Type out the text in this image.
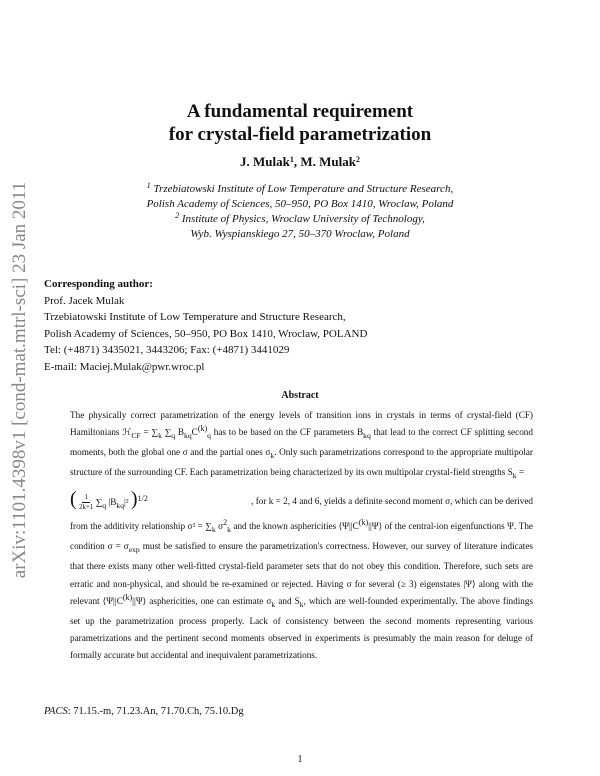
arXiv:1101.4398v1 [cond-mat.mtrl-sci] 23 Jan 2011
A fundamental requirement
for crystal-field parametrization
J. Mulak$^1$, M. Mulak$^2$
$^1$ Trzebiatowski Institute of Low Temperature and Structure Research,
Polish Academy of Sciences, 50–950, PO Box 1410, Wroclaw, Poland
$^2$ Institute of Physics, Wroclaw University of Technology,
Wyb. Wyspianskiego 27, 50–370 Wroclaw, Poland
Corresponding author:
Prof. Jacek Mulak
Trzebiatowski Institute of Low Temperature and Structure Research,
Polish Academy of Sciences, 50–950, PO Box 1410, Wroclaw, POLAND
Tel: (+4871) 3435021, 3443206; Fax: (+4871) 3441029
E-mail: Maciej.Mulak@pwr.wroc.pl
Abstract
The physically correct parametrization of the energy levels of transition ions in crystals in terms of crystal-field (CF) Hamiltonians ℋ$_{CF}$ = $\sum_k$ $\sum_q$ $B_{kq}C^{(k)}_q$ has to be based on the CF parameters $B_{kq}$ that lead to the correct CF splitting second moments, both the global one σ and the partial ones $\sigma_k$. Only such parametrizations correspond to the appropriate multipolar structure of the surrounding CF. Each parametrization being characterized by its own multipolar crystal-field strengths $S_k$ =
( $\frac{1}{2k+1} \sum_q$ $|B_{kq}|^2$ )$^{1/2}$	, for k = 2, 4 and 6, yields a definite second moment σ, which can be derived
from the additivity relationship $\sigma^2 = \sum_k$ $\sigma^2_k$ and the known asphericities $⟨\Psi||C^{(k)}||\Psi⟩$ of the central-ion eigenfunctions Ψ. The condition $\sigma = \sigma_{exp}$ must be satisfied to ensure the parametrization's correctness. However, our survey of literature indicates that there exists many other well-fitted crystal-field parameter sets that do not obey this condition. Therefore, such sets are erratic and non-physical, and should be re-examined or rejected. Having σ for several (≥ 3) eigenstates |Ψ⟩ along with the relevant $⟨\Psi||C^{(k)}||\Psi⟩$ asphericities, one can estimate $\sigma_k$ and $S_k$, which are well-founded experimentally. The above findings set up the parametrization process properly. Lack of consistency between the second moments representing various parametrizations and the pertinent second moments observed in experiments is presumably the main reason for deluge of formally accurate but accidental and inequivalent parametrizations.
PACS: 71.15.-m, 71.23.An, 71.70.Ch, 75.10.Dg
1
